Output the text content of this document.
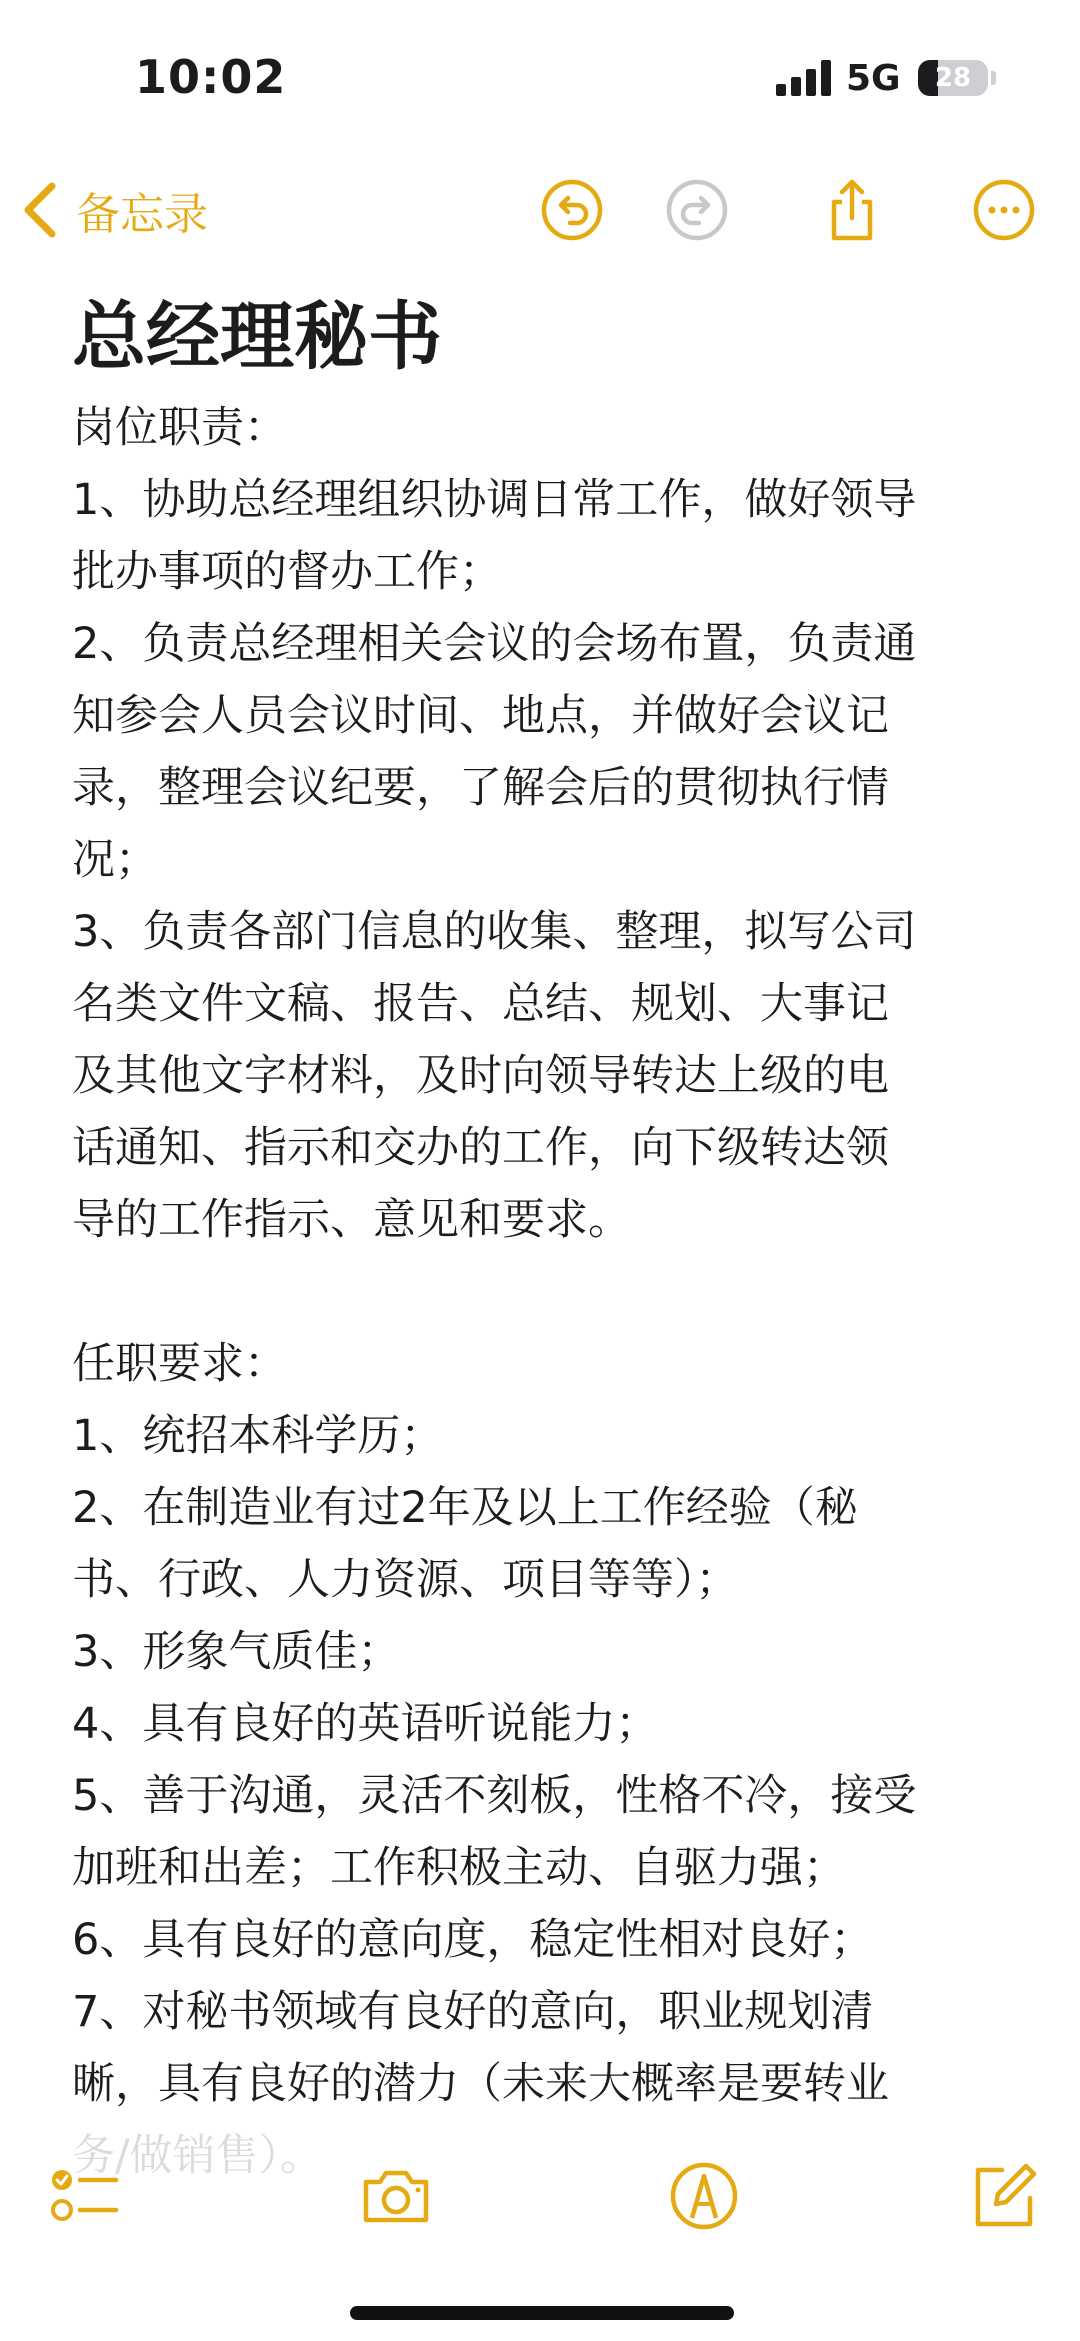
10:02	5G	28
备忘录
总经理秘书
岗位职责：
1、协助总经理组织协调日常工作，做好领导
批办事项的督办工作；
2、负责总经理相关会议的会场布置，负责通
知参会人员会议时间、地点，并做好会议记
录，整理会议纪要，了解会后的贯彻执行情
况；
3、负责各部门信息的收集、整理，拟写公司
名类文件文稿、报告、总结、规划、大事记
及其他文字材料，及时向领导转达上级的电
话通知、指示和交办的工作，向下级转达领
导的工作指示、意见和要求。
任职要求：
1、统招本科学历；
2、在制造业有过2年及以上工作经验（秘
书、行政、人力资源、项目等等）；
3、形象气质佳；
4、具有良好的英语听说能力；
5、善于沟通，灵活不刻板，性格不冷，接受
加班和出差；工作积极主动、自驱力强；
6、具有良好的意向度，稳定性相对良好；
7、对秘书领域有良好的意向，职业规划清
晰，具有良好的潜力（未来大概率是要转业
务/做销售）。
